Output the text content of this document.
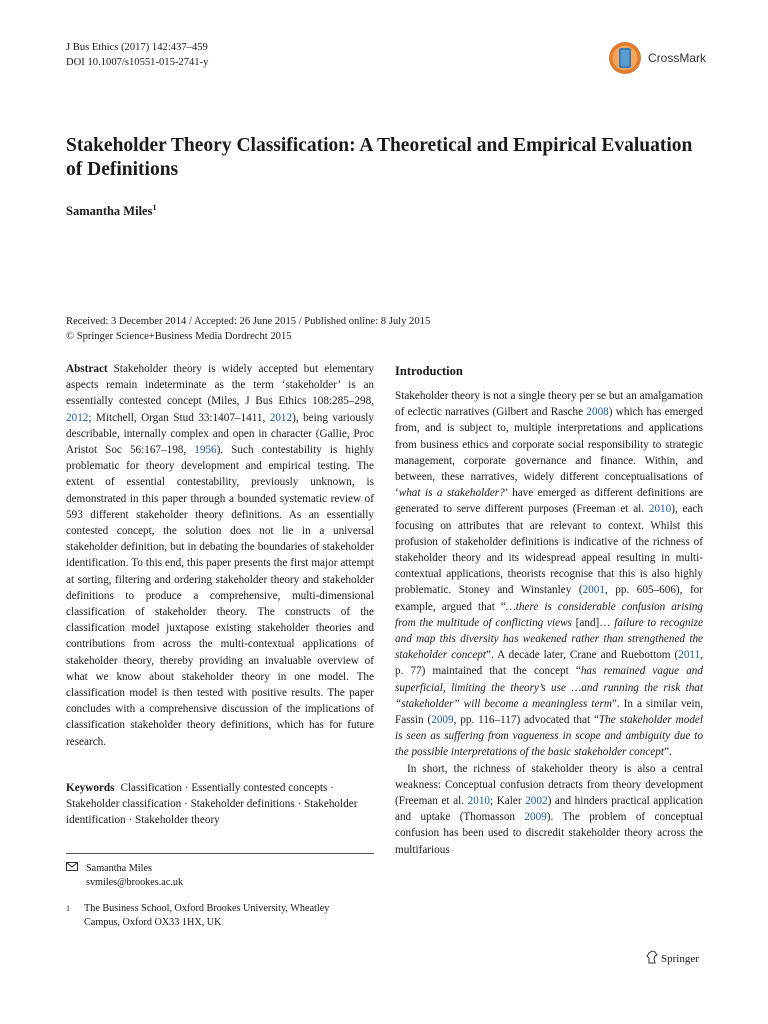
J Bus Ethics (2017) 142:437–459
DOI 10.1007/s10551-015-2741-y	CrossMark
Stakeholder Theory Classification: A Theoretical and Empirical Evaluation of Definitions
Samantha Miles$^1$
Received: 3 December 2014 / Accepted: 26 June 2015 / Published online: 8 July 2015
© Springer Science+Business Media Dordrecht 2015
Abstract Stakeholder theory is widely accepted but elementary aspects remain indeterminate as the term ‘stakeholder’ is an essentially contested concept (Miles, J Bus Ethics 108:285–298, 2012; Mitchell, Organ Stud 33:1407–1411, 2012), being variously describable, internally complex and open in character (Gallie, Proc Aristot Soc 56:167–198, 1956). Such contestability is highly problematic for theory development and empirical testing. The extent of essential contestability, previously unknown, is demonstrated in this paper through a bounded systematic review of 593 different stakeholder theory definitions. As an essentially contested concept, the solution does not lie in a universal stakeholder definition, but in debating the boundaries of stakeholder identification. To this end, this paper presents the first major attempt at sorting, filtering and ordering stakeholder theory and stakeholder definitions to produce a comprehensive, multi-dimensional classification of stakeholder theory. The constructs of the classification model juxtapose existing stakeholder theories and contributions from across the multi-contextual applications of stakeholder theory, thereby providing an invaluable overview of what we know about stakeholder theory in one model. The classification model is then tested with positive results. The paper concludes with a comprehensive discussion of the implications of classification stakeholder theory definitions, which has for future research.
Keywords Classification · Essentially contested concepts · Stakeholder classification · Stakeholder definitions · Stakeholder identification · Stakeholder theory
Samantha Miles
svmiles@brookes.ac.uk
1 The Business School, Oxford Brookes University, Wheatley Campus, Oxford OX33 1HX, UK
Introduction

Stakeholder theory is not a single theory per se but an amalgamation of eclectic narratives (Gilbert and Rasche 2008) which has emerged from, and is subject to, multiple interpretations and applications from business ethics and corporate social responsibility to strategic management, corporate governance and finance. Within, and between, these narratives, widely different conceptualisations of ‘what is a stakeholder?’ have emerged as different definitions are generated to serve different purposes (Freeman et al. 2010), each focusing on attributes that are relevant to context. Whilst this profusion of stakeholder definitions is indicative of the richness of stakeholder theory and its widespread appeal resulting in multi-contextual applications, theorists recognise that this is also highly problematic. Stoney and Winstanley (2001, pp. 605–606), for example, argued that “…there is considerable confusion arising from the multitude of conflicting views [and]… failure to recognize and map this diversity has weakened rather than strengthened the stakeholder concept”. A decade later, Crane and Ruebottom (2011, p. 77) maintained that the concept “has remained vague and superficial, limiting the theory’s use …and running the risk that “stakeholder” will become a meaningless term”. In a similar vein, Fassin (2009, pp. 116–117) advocated that “The stakeholder model is seen as suffering from vagueness in scope and ambiguity due to the possible interpretations of the basic stakeholder concept”.

In short, the richness of stakeholder theory is also a central weakness: Conceptual confusion detracts from theory development (Freeman et al. 2010; Kaler 2002) and hinders practical application and uptake (Thomasson 2009). The problem of conceptual confusion has been used to discredit stakeholder theory across the multifarious

Springer
